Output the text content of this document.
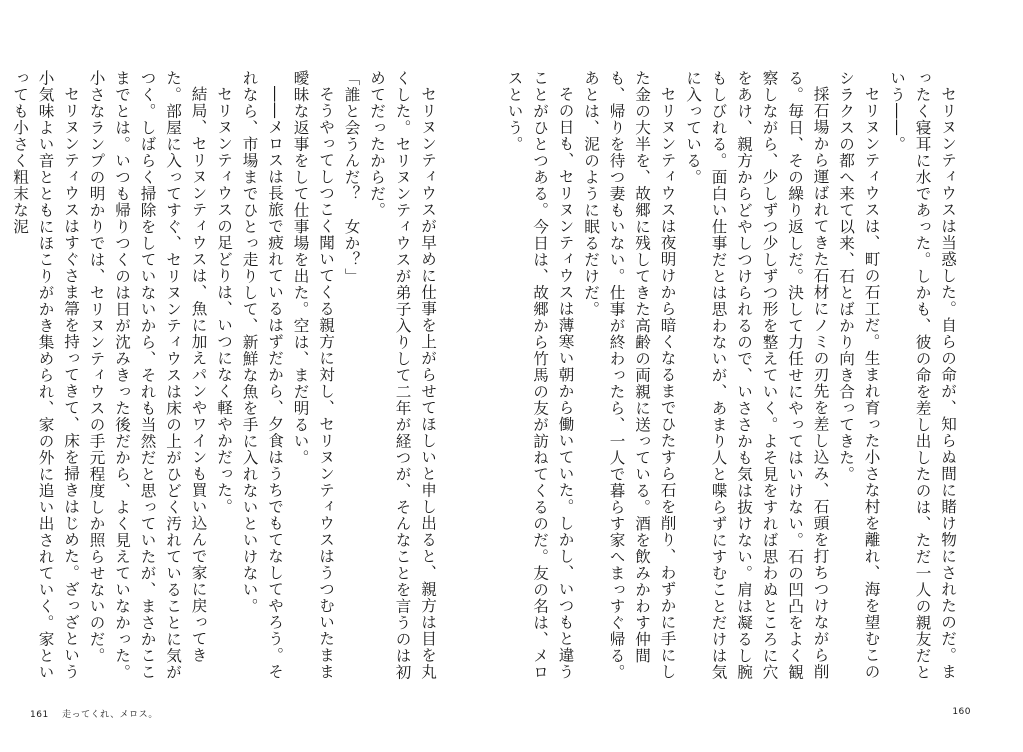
セリヌンティウスが早めに仕事を上がらせてほしいと申し出ると、親方は目を丸くした。セリヌンティウスが弟子入りして二年が経つが、そんなことを言うのは初めてだったからだ。

「誰と会うんだ？　女か？」

そうやってしつこく聞いてくる親方に対し、セリヌンティウスはうつむいたまま曖昧な返事をして仕事場を出た。空は、まだ明るい。

――メロスは長旅で疲れているはずだから、夕食はうちでもてなしてやろう。それなら、市場までひとっ走りして、新鮮な魚を手に入れないといけない。

セリヌンティウスの足どりは、いつになく軽やかだった。

結局、セリヌンティウスは、魚に加えパンやワインも買い込んで家に戻ってきた。部屋に入ってすぐ、セリヌンティウスは床の上がひどく汚れていることに気がつく。しばらく掃除をしていないから、それも当然だと思っていたが、まさかここまでとは。いつも帰りつくのは日が沈みきった後だから、よく見えていなかった。小さなランプの明かりでは、セリヌンティウスの手元程度しか照らせないのだ。

セリヌンティウスはすぐさま箒を持ってきて、床を掃きはじめた。ざっざという小気味よい音とともにほこりがかき集められ、家の外に追い出されていく。家といっても小さく粗末な泥

161 走ってくれ、メロス。

セリヌンティウスは当惑した。自らの命が、知らぬ間に賭け物にされたのだ。まったく寝耳に水であった。しかも、彼の命を差し出したのは、ただ一人の親友だという――。

セリヌンティウスは、町の石工だ。生まれ育った小さな村を離れ、海を望むこのシラクスの都へ来て以来、石とばかり向き合ってきた。

採石場から運ばれてきた石材にノミの刃先を差し込み、石頭を打ちつけながら削る。毎日、その繰り返しだ。決して力任せにやってはいけない。石の凹凸をよく観察しながら、少しずつ少しずつ形を整えていく。よそ見をすれば思わぬところに穴をあけ、親方からどやしつけられるので、いささかも気は抜けない。肩は凝るし腕もしびれる。面白い仕事だとは思わないが、あまり人と喋らずにすむことだけは気に入っている。

セリヌンティウスは夜明けから暗くなるまでひたすら石を削り、わずかに手にした金の大半を、故郷に残してきた高齢の両親に送っている。酒を飲みかわす仲間も、帰りを待つ妻もいない。仕事が終わったら、一人で暮らす家へまっすぐ帰る。あとは、泥のように眠るだけだ。

その日も、セリヌンティウスは薄寒い朝から働いていた。しかし、いつもと違うことがひとつある。今日は、故郷から竹馬の友が訪ねてくるのだ。友の名は、メロスという。

160
